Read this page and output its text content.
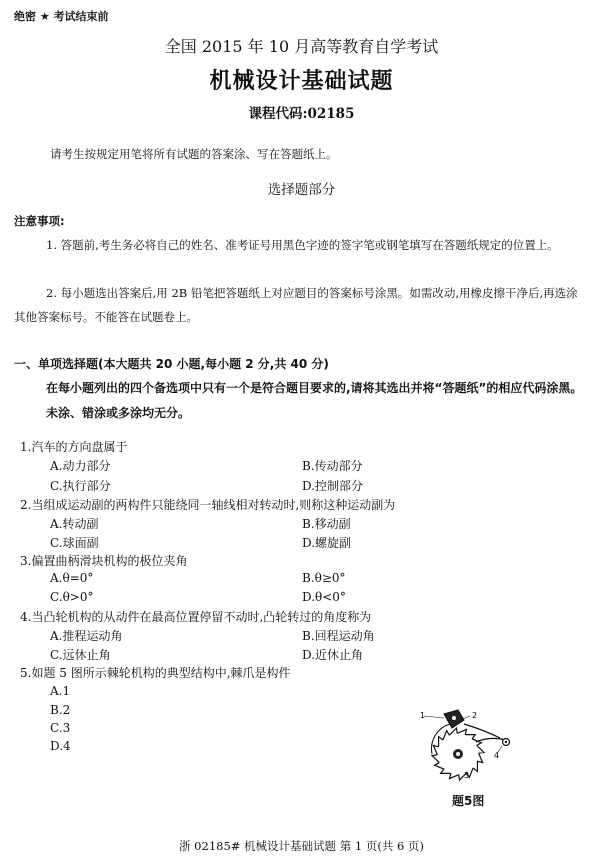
绝密 ★ 考试结束前
全国 2015 年 10 月高等教育自学考试
机械设计基础试题
课程代码:02185
请考生按规定用笔将所有试题的答案涂、写在答题纸上。
选择题部分
注意事项:
1. 答题前,考生务必将自己的姓名、准考证号用黑色字迹的签字笔或钢笔填写在答题纸规定的位置上。
2. 每小题选出答案后,用 2B 铅笔把答题纸上对应题目的答案标号涂黑。如需改动,用橡皮擦干净后,再选涂其他答案标号。不能答在试题卷上。
一、单项选择题(本大题共 20 小题,每小题 2 分,共 40 分)
在每小题列出的四个备选项中只有一个是符合题目要求的,请将其选出并将“答题纸”的相应代码涂黑。未涂、错涂或多涂均无分。
1.汽车的方向盘属于
A.动力部分	B.传动部分
C.执行部分	D.控制部分
2.当组成运动副的两构件只能绕同一轴线相对转动时,则称这种运动副为
A.转动副	B.移动副
C.球面副	D.螺旋副
3.偏置曲柄滑块机构的极位夹角
A.θ=0°	B.θ≥0°
C.θ>0°	D.θ<0°
4.当凸轮机构的从动件在最高位置停留不动时,凸轮转过的角度称为
A.推程运动角	B.回程运动角
C.远休止角	D.近休止角
5.如题 5 图所示棘轮机构的典型结构中,棘爪是构件
A.1
B.2
C.3
D.4
1	2
3
4
题5图
浙 02185# 机械设计基础试题 第 1 页(共 6 页)
